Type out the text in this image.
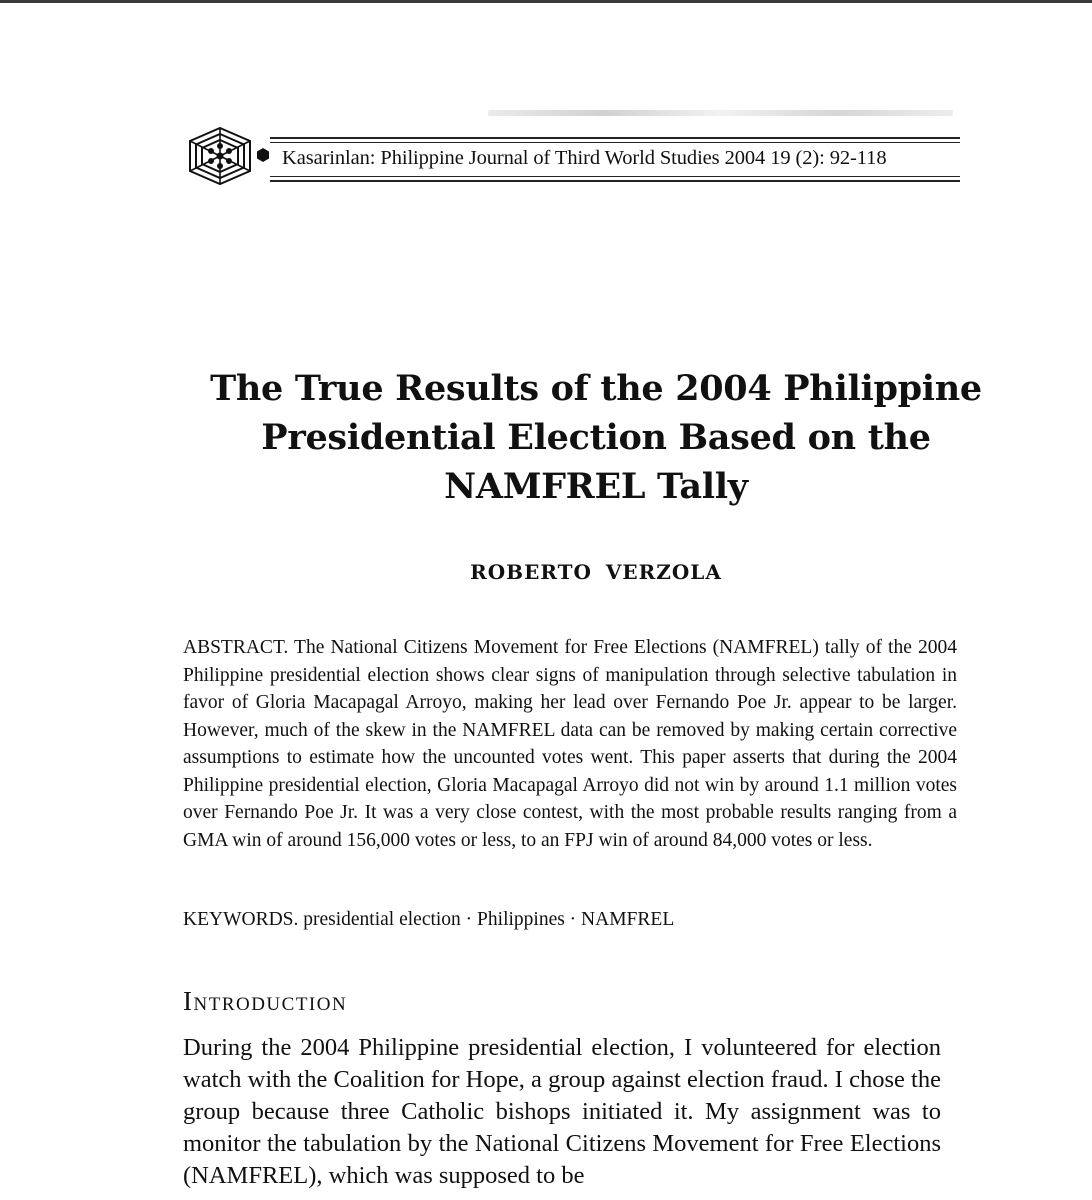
Kasarinlan: Philippine Journal of Third World Studies 2004 19 (2): 92-118
The True Results of the 2004 Philippine
Presidential Election Based on the
NAMFREL Tally
ROBERTO VERZOLA

ABSTRACT. The National Citizens Movement for Free Elections (NAMFREL) tally of the 2004 Philippine presidential election shows clear signs of manipulation through selective tabulation in favor of Gloria Macapagal Arroyo, making her lead over Fernando Poe Jr. appear to be larger. However, much of the skew in the NAMFREL data can be removed by making certain corrective assumptions to estimate how the uncounted votes went. This paper asserts that during the 2004 Philippine presidential election, Gloria Macapagal Arroyo did not win by around 1.1 million votes over Fernando Poe Jr. It was a very close contest, with the most probable results ranging from a GMA win of around 156,000 votes or less, to an FPJ win of around 84,000 votes or less.

KEYWORDS. presidential election · Philippines · NAMFREL
Introduction

During the 2004 Philippine presidential election, I volunteered for election watch with the Coalition for Hope, a group against election fraud. I chose the group because three Catholic bishops initiated it. My assignment was to monitor the tabulation by the National Citizens Movement for Free Elections (NAMFREL), which was supposed to be
